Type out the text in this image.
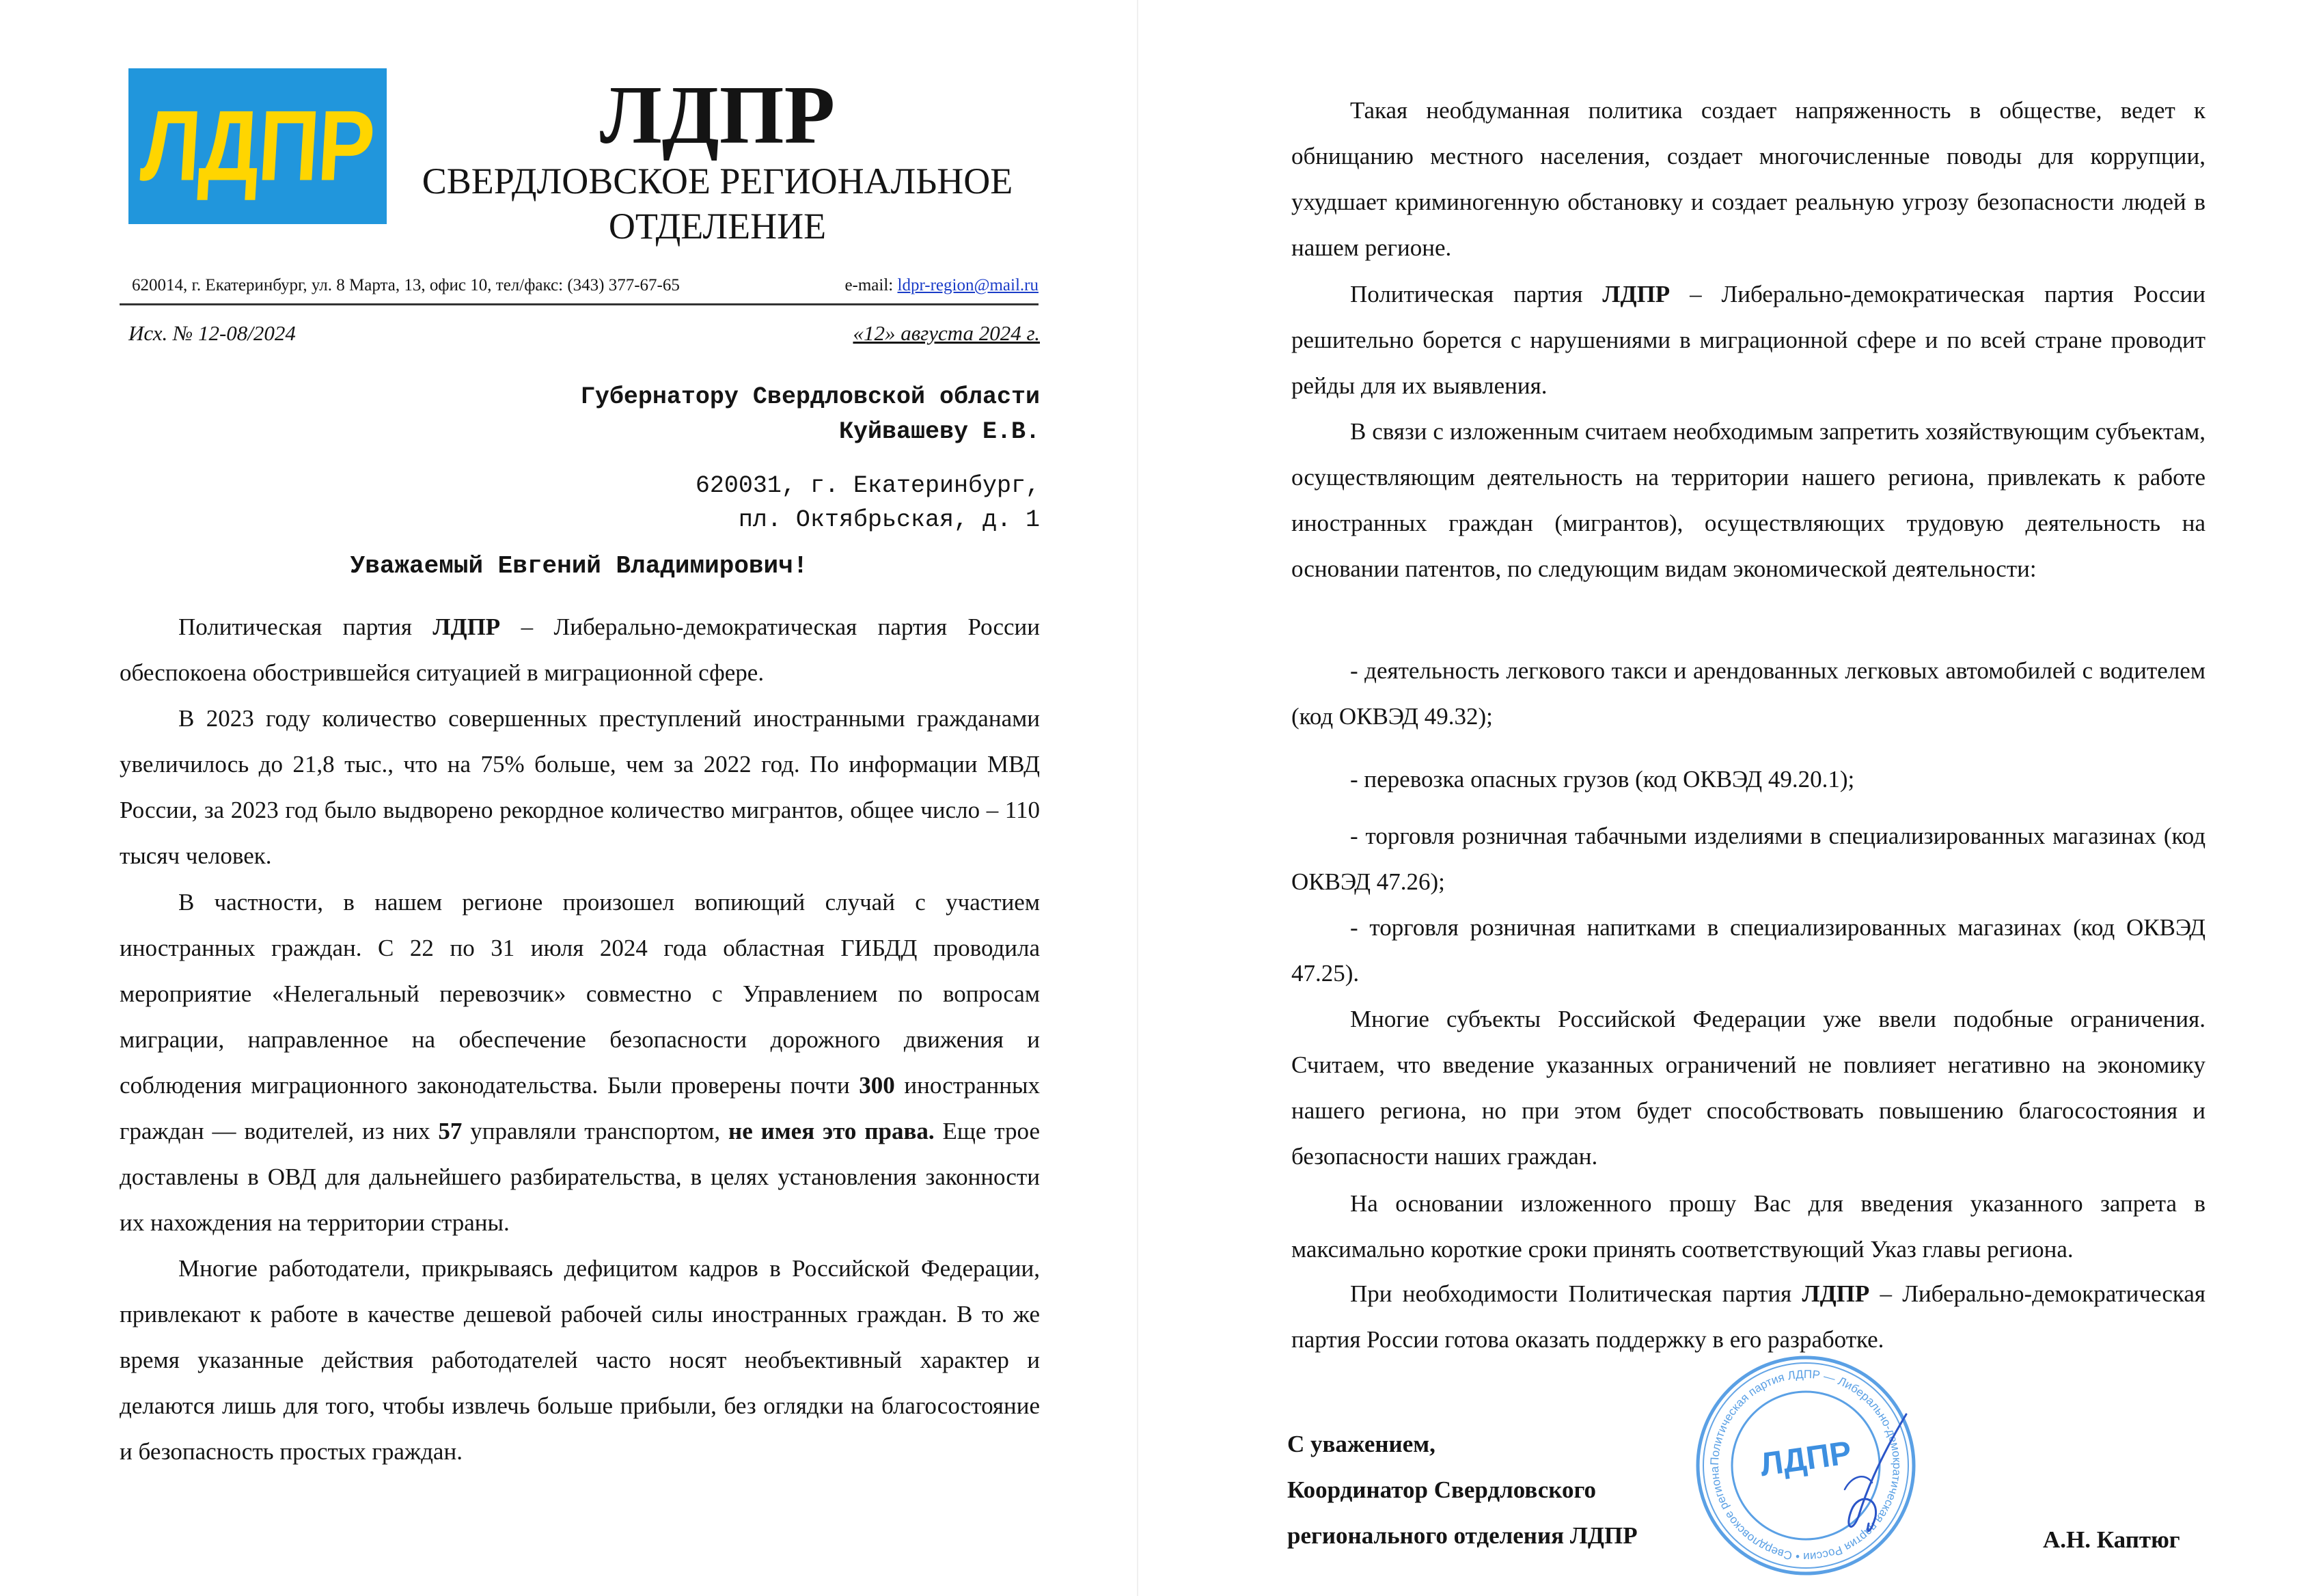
ЛДПР	ЛДПР
СВЕРДЛОВСКОЕ РЕГИОНАЛЬНОЕ
ОТДЕЛЕНИЕ
620014, г. Екатеринбург, ул. 8 Марта, 13, офис 10, тел/факс: (343) 377-67-65	e-mail: ldpr-region@mail.ru
Исх. № 12-08/2024	«12» августа 2024 г.
Губернатору Свердловской области
Куйвашеву Е.В.
620031, г. Екатеринбург,
пл. Октябрьская, д. 1
Уважаемый Евгений Владимирович!

Политическая партия ЛДПР – Либерально-демократическая партия России обеспокоена обострившейся ситуацией в миграционной сфере.

В 2023 году количество совершенных преступлений иностранными гражданами увеличилось до 21,8 тыс., что на 75% больше, чем за 2022 год. По информации МВД России, за 2023 год было выдворено рекордное количество мигрантов, общее число – 110 тысяч человек.

В частности, в нашем регионе произошел вопиющий случай с участием иностранных граждан. С 22 по 31 июля 2024 года областная ГИБДД проводила мероприятие «Нелегальный перевозчик» совместно с Управлением по вопросам миграции, направленное на обеспечение безопасности дорожного движения и соблюдения миграционного законодательства. Были проверены почти 300 иностранных граждан — водителей, из них 57 управляли транспортом, не имея это права. Еще трое доставлены в ОВД для дальнейшего разбирательства, в целях установления законности их нахождения на территории страны.

Многие работодатели, прикрываясь дефицитом кадров в Российской Федерации, привлекают к работе в качестве дешевой рабочей силы иностранных граждан. В то же время указанные действия работодателей часто носят необъективный характер и делаются лишь для того, чтобы извлечь больше прибыли, без оглядки на благосостояние и безопасность простых граждан.

Такая необдуманная политика создает напряженность в обществе, ведет к обнищанию местного населения, создает многочисленные поводы для коррупции, ухудшает криминогенную обстановку и создает реальную угрозу безопасности людей в нашем регионе.

Политическая партия ЛДПР – Либерально-демократическая партия России решительно борется с нарушениями в миграционной сфере и по всей стране проводит рейды для их выявления.

В связи с изложенным считаем необходимым запретить хозяйствующим субъектам, осуществляющим деятельность на территории нашего региона, привлекать к работе иностранных граждан (мигрантов), осуществляющих трудовую деятельность на основании патентов, по следующим видам экономической деятельности:

- деятельность легкового такси и арендованных легковых автомобилей с водителем (код ОКВЭД 49.32);

- перевозка опасных грузов (код ОКВЭД 49.20.1);

- торговля розничная табачными изделиями в специализированных магазинах (код ОКВЭД 47.26);

- торговля розничная напитками в специализированных магазинах (код ОКВЭД 47.25).

Многие субъекты Российской Федерации уже ввели подобные ограничения. Считаем, что введение указанных ограничений не повлияет негативно на экономику нашего региона, но при этом будет способствовать повышению благосостояния и безопасности наших граждан.

На основании изложенного прошу Вас для введения указанного запрета в максимально короткие сроки принять соответствующий Указ главы региона.

При необходимости Политическая партия ЛДПР – Либерально-демократическая партия России готова оказать поддержку в его разработке.

С уважением,
Координатор Свердловского
регионального отделения ЛДПР
Политическая партия ЛДПР — Либерально-демократическая партия России • Свердловское региона	ЛДПР
А.Н. Каптюг
